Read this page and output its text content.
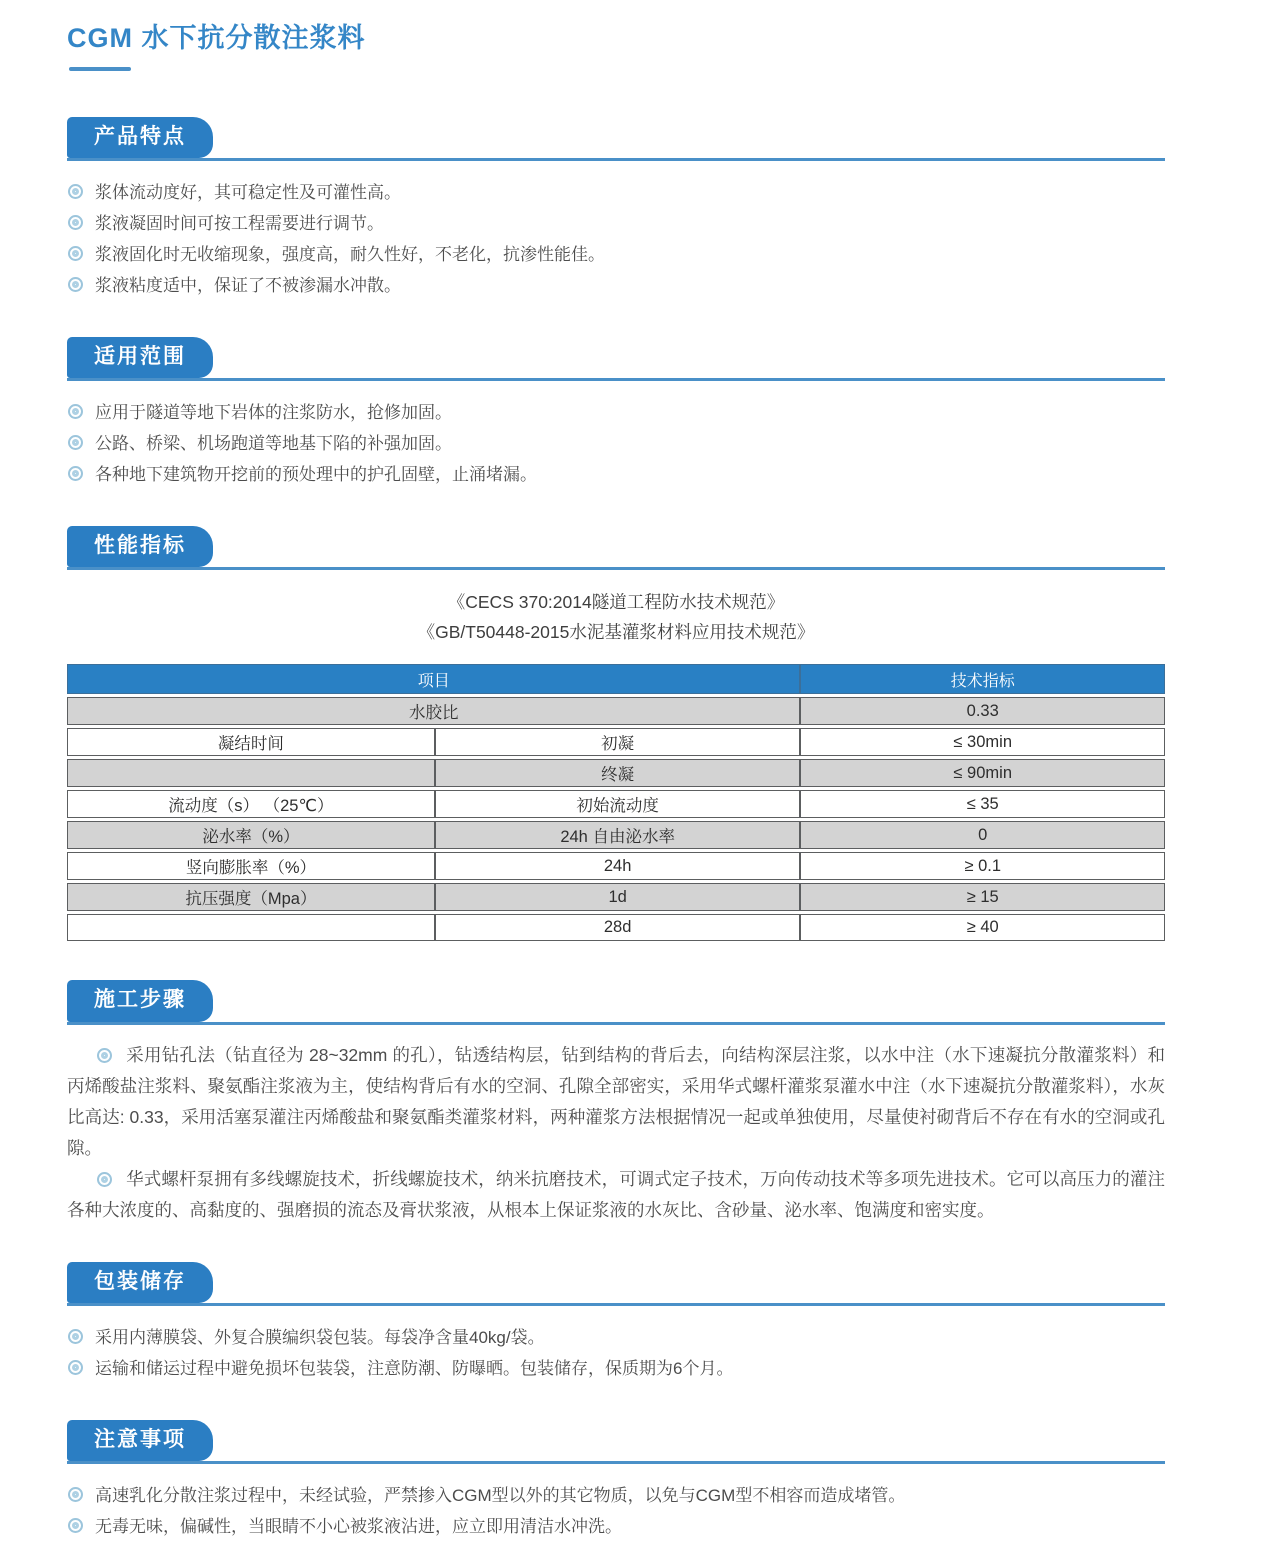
CGM 水下抗分散注浆料
产品特点
浆体流动度好，其可稳定性及可灌性高。
浆液凝固时间可按工程需要进行调节。
浆液固化时无收缩现象，强度高，耐久性好，不老化，抗渗性能佳。
浆液粘度适中，保证了不被渗漏水冲散。
适用范围
应用于隧道等地下岩体的注浆防水，抢修加固。
公路、桥梁、机场跑道等地基下陷的补强加固。
各种地下建筑物开挖前的预处理中的护孔固壁，止涌堵漏。
性能指标
《CECS 370:2014隧道工程防水技术规范》
《GB/T50448-2015水泥基灌浆材料应用技术规范》
项目		技术指标
水胶比		0.33
凝结时间	初凝	≤ 30min
	终凝	≤ 90min
流动度（s） （25℃）	初始流动度	≤ 35
泌水率（%）	24h 自由泌水率	0
竖向膨胀率（%）	24h	≥ 0.1
抗压强度（Mpa）	1d	≥ 15
	28d	≥ 40
施工步骤

采用钻孔法（钻直径为 28~32mm 的孔），钻透结构层，钻到结构的背后去，向结构深层注浆，以水中注（水下速凝抗分散灌浆料）和丙烯酸盐注浆料、聚氨酯注浆液为主，使结构背后有水的空洞、孔隙全部密实，采用华式螺杆灌浆泵灌水中注（水下速凝抗分散灌浆料），水灰比高达: 0.33，采用活塞泵灌注丙烯酸盐和聚氨酯类灌浆材料，两种灌浆方法根据情况一起或单独使用，尽量使衬砌背后不存在有水的空洞或孔隙。

华式螺杆泵拥有多线螺旋技术，折线螺旋技术，纳米抗磨技术，可调式定子技术，万向传动技术等多项先进技术。它可以高压力的灌注各种大浓度的、高黏度的、强磨损的流态及膏状浆液，从根本上保证浆液的水灰比、含砂量、泌水率、饱满度和密实度。

包装储存
采用内薄膜袋、外复合膜编织袋包装。每袋净含量40kg/袋。
运输和储运过程中避免损坏包装袋，注意防潮、防曝晒。包装储存，保质期为6个月。
注意事项
高速乳化分散注浆过程中，未经试验，严禁掺入CGM型以外的其它物质，以免与CGM型不相容而造成堵管。
无毒无味，偏碱性，当眼睛不小心被浆液沾进，应立即用清洁水冲洗。
